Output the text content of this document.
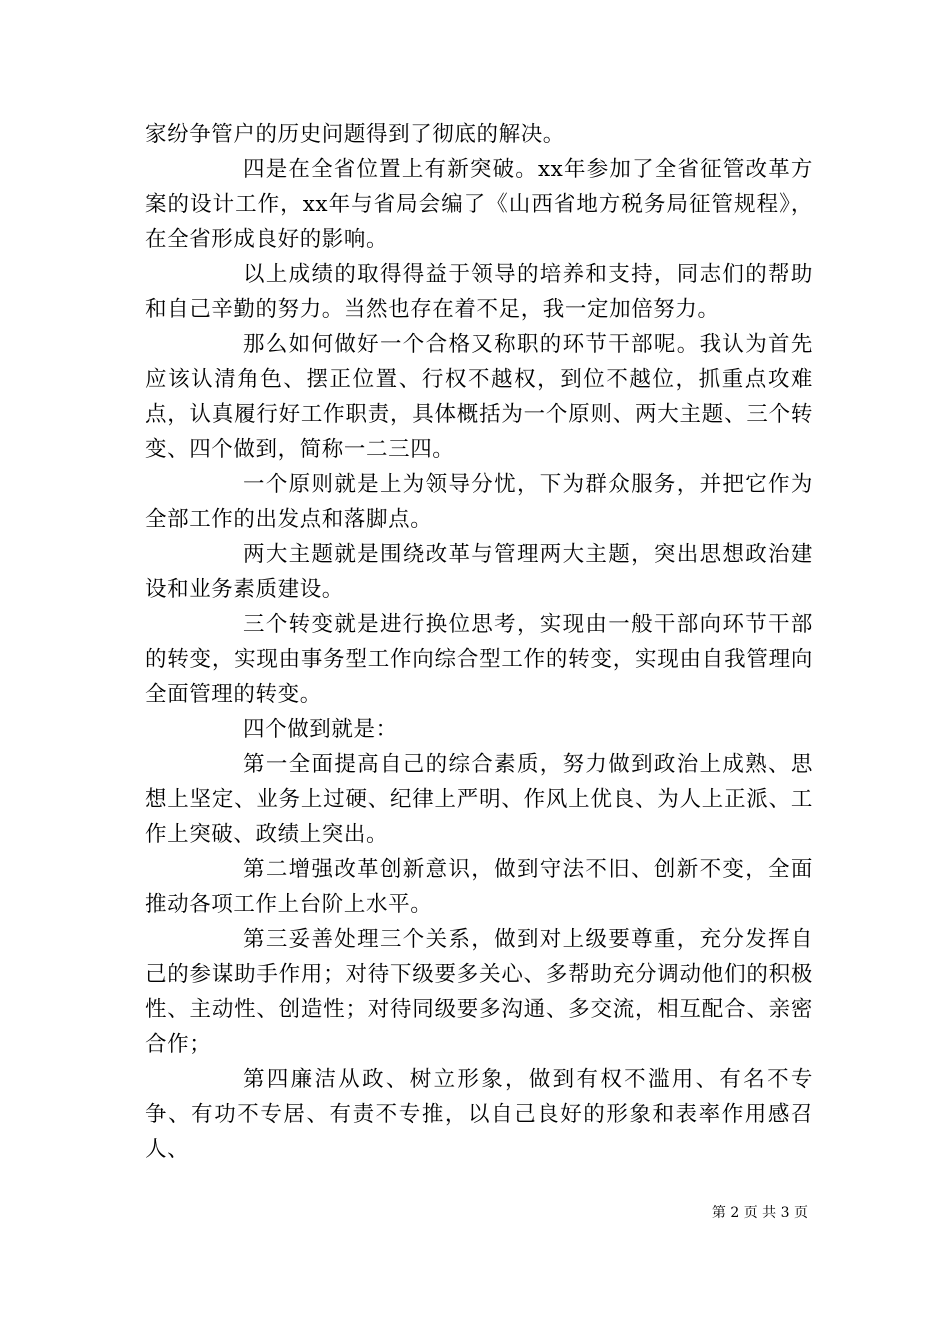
家纷争管户的历史问题得到了彻底的解决。

四是在全省位置上有新突破。xx年参加了全省征管改革方案的设计工作，xx年与省局会编了《山西省地方税务局征管规程》，在全省形成良好的影响。

以上成绩的取得得益于领导的培养和支持，同志们的帮助和自己辛勤的努力。当然也存在着不足，我一定加倍努力。

那么如何做好一个合格又称职的环节干部呢。我认为首先应该认清角色、摆正位置、行权不越权，到位不越位，抓重点攻难点，认真履行好工作职责，具体概括为一个原则、两大主题、三个转变、四个做到，简称一二三四。

一个原则就是上为领导分忧，下为群众服务，并把它作为全部工作的出发点和落脚点。

两大主题就是围绕改革与管理两大主题，突出思想政治建设和业务素质建设。

三个转变就是进行换位思考，实现由一般干部向环节干部的转变，实现由事务型工作向综合型工作的转变，实现由自我管理向全面管理的转变。

四个做到就是：

第一全面提高自己的综合素质，努力做到政治上成熟、思想上坚定、业务上过硬、纪律上严明、作风上优良、为人上正派、工作上突破、政绩上突出。

第二增强改革创新意识，做到守法不旧、创新不变，全面推动各项工作上台阶上水平。

第三妥善处理三个关系，做到对上级要尊重，充分发挥自己的参谋助手作用；对待下级要多关心、多帮助充分调动他们的积极性、主动性、创造性；对待同级要多沟通、多交流，相互配合、亲密合作；

第四廉洁从政、树立形象，做到有权不滥用、有名不专争、有功不专居、有责不专推，以自己良好的形象和表率作用感召人、

第 2 页 共 3 页
